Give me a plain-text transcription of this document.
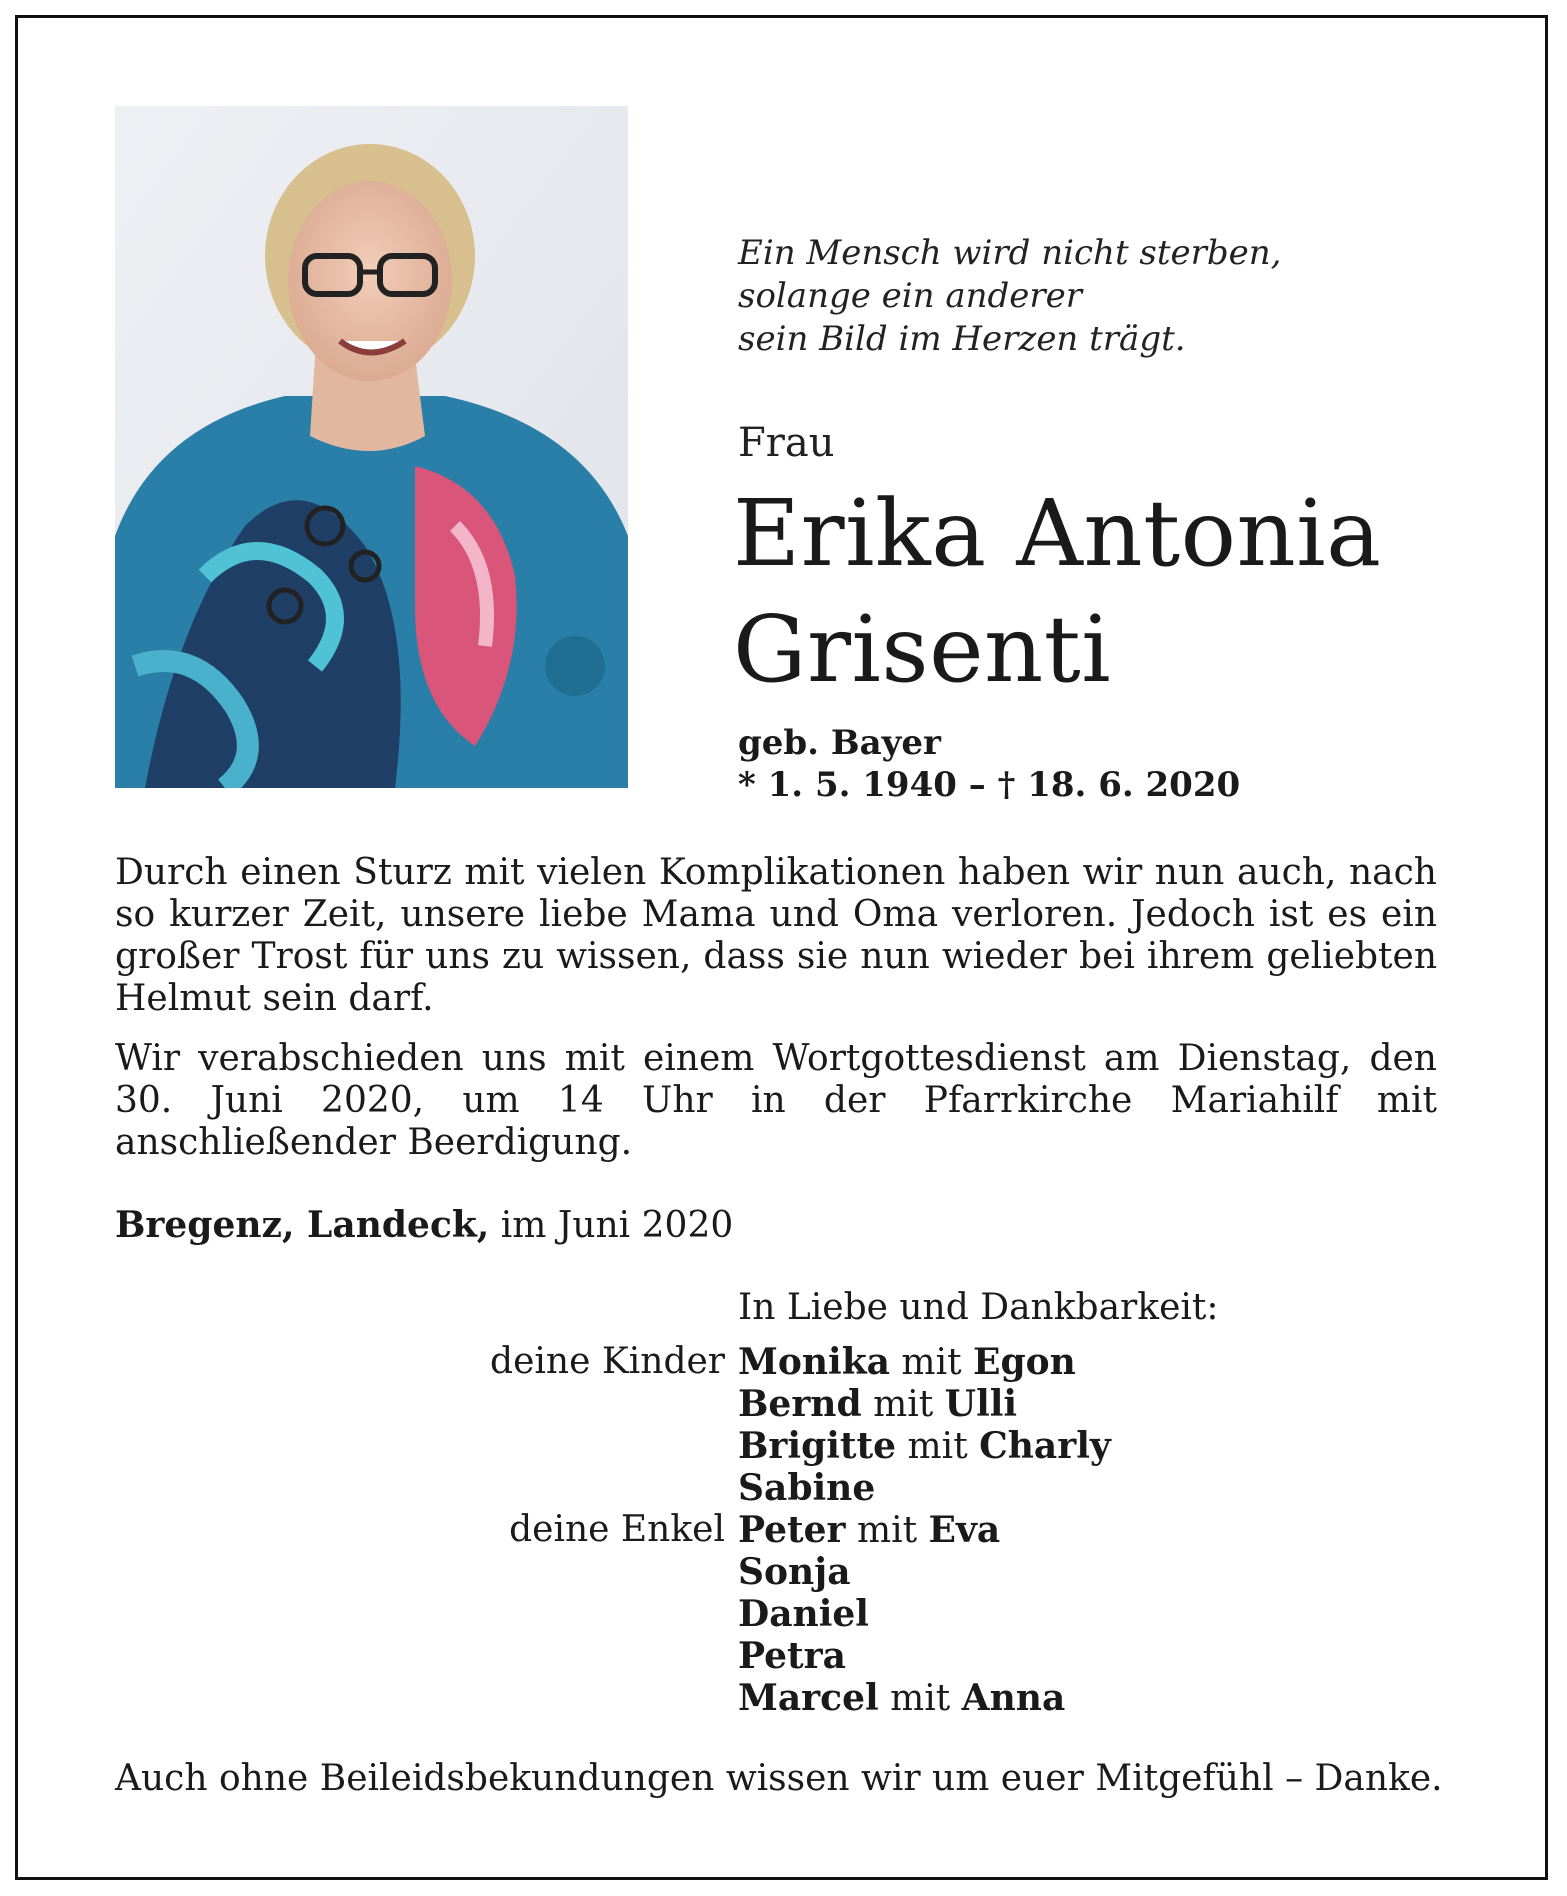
Ein Mensch wird nicht sterben,
solange ein anderer
sein Bild im Herzen trägt.
Frau
Erika Antonia
Grisenti
geb. Bayer
* 1. 5. 1940 – † 18. 6. 2020
Durch einen Sturz mit vielen Komplikationen haben wir nun auch, nach so kurzer Zeit, unsere liebe Mama und Oma verloren. Jedoch ist es ein großer Trost für uns zu wissen, dass sie nun wieder bei ihrem geliebten Helmut sein darf.
Wir verabschieden uns mit einem Wortgottesdienst am Dienstag, den 30. Juni 2020, um 14 Uhr in der Pfarrkirche Mariahilf mit anschließender Beerdigung.
Bregenz, Landeck, im Juni 2020
In Liebe und Dankbarkeit:
deine Kinder
deine Enkel
Monika mit Egon
Bernd mit Ulli
Brigitte mit Charly
Sabine
Peter mit Eva
Sonja
Daniel
Petra
Marcel mit Anna
Auch ohne Beileidsbekundungen wissen wir um euer Mitgefühl – Danke.
